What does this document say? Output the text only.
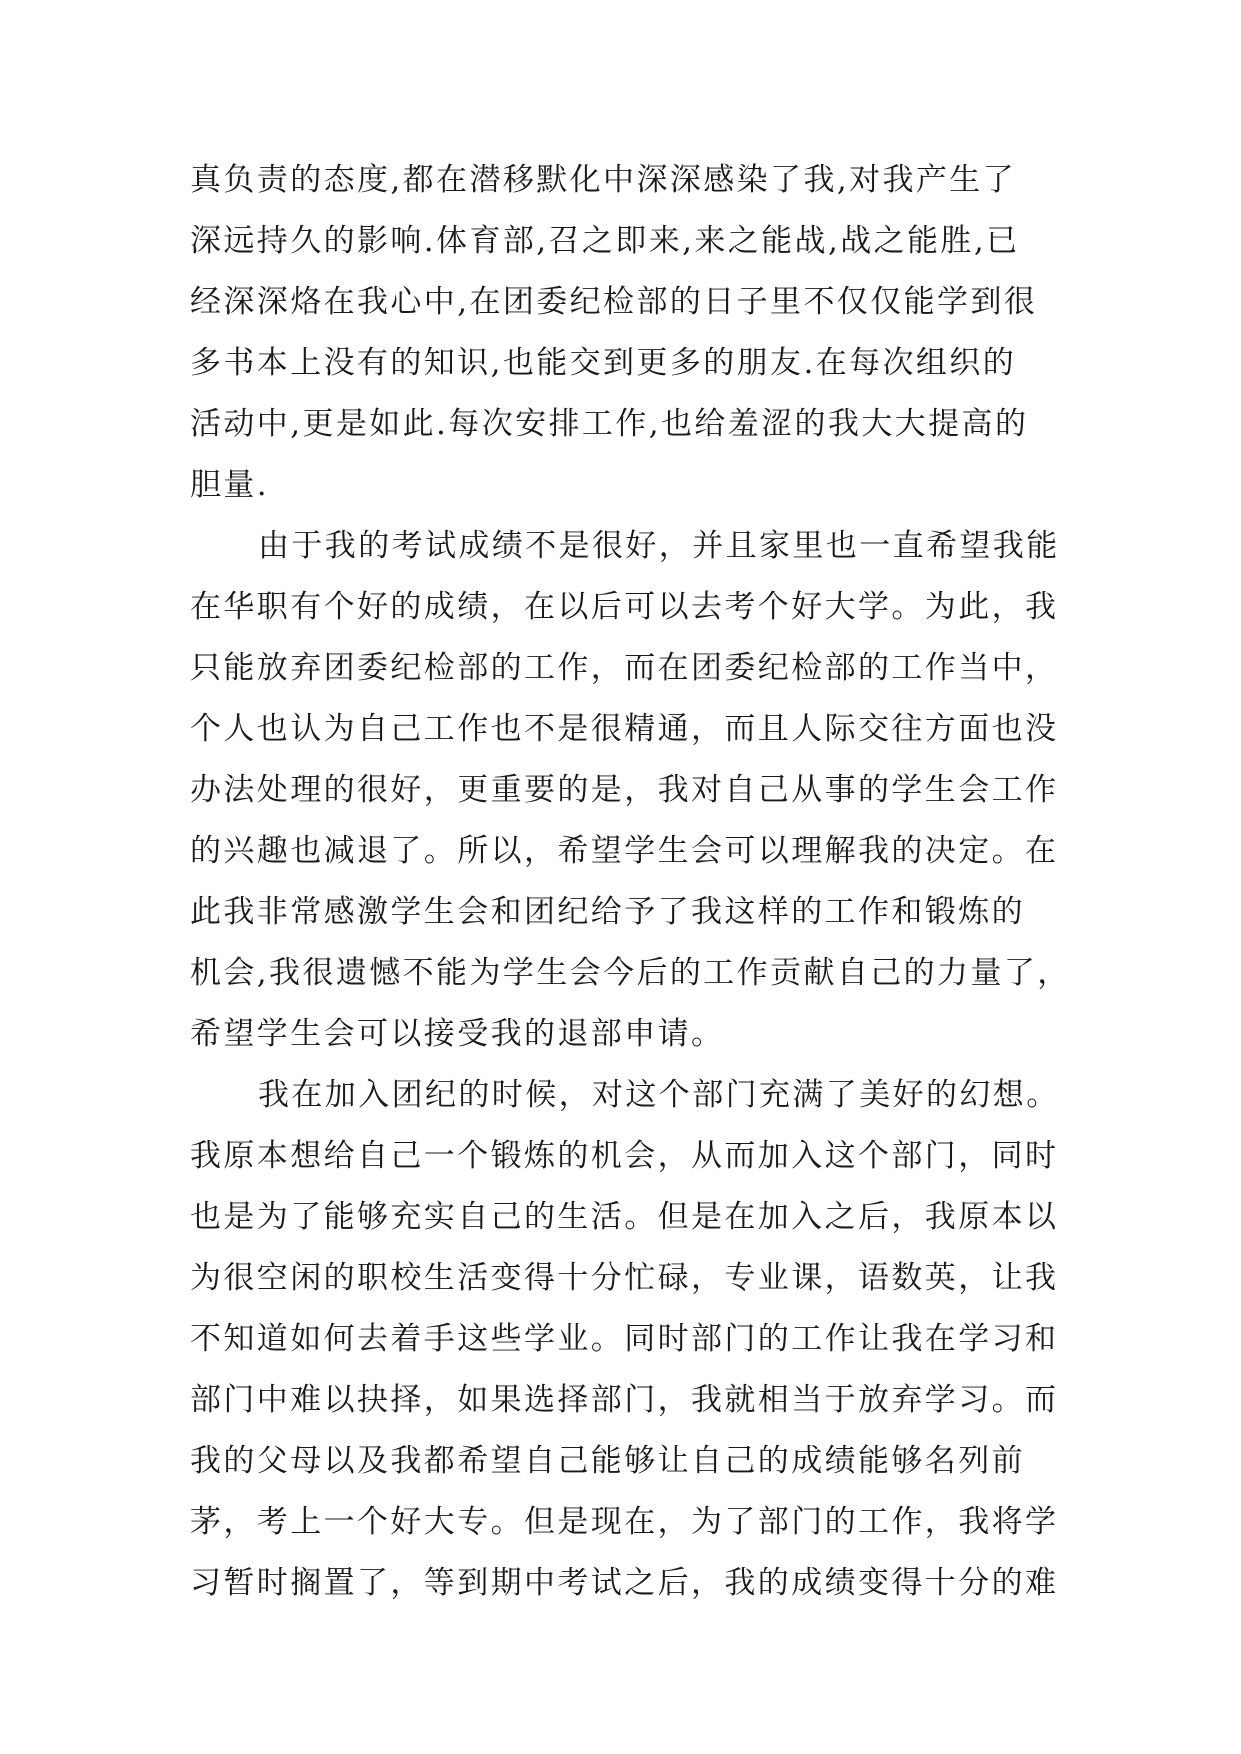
真负责的态度,都在潜移默化中深深感染了我,对我产生了
深远持久的影响.体育部,召之即来,来之能战,战之能胜,已
经深深烙在我心中,在团委纪检部的日子里不仅仅能学到很
多书本上没有的知识,也能交到更多的朋友.在每次组织的
活动中,更是如此.每次安排工作,也给羞涩的我大大提高的
胆量.
由于我的考试成绩不是很好，并且家里也一直希望我能
在华职有个好的成绩，在以后可以去考个好大学。为此，我
只能放弃团委纪检部的工作，而在团委纪检部的工作当中，
个人也认为自己工作也不是很精通，而且人际交往方面也没
办法处理的很好，更重要的是，我对自己从事的学生会工作
的兴趣也减退了。所以，希望学生会可以理解我的决定。在
此我非常感激学生会和团纪给予了我这样的工作和锻炼的
机会,我很遗憾不能为学生会今后的工作贡献自己的力量了，
希望学生会可以接受我的退部申请。
我在加入团纪的时候，对这个部门充满了美好的幻想。
我原本想给自己一个锻炼的机会，从而加入这个部门，同时
也是为了能够充实自己的生活。但是在加入之后，我原本以
为很空闲的职校生活变得十分忙碌，专业课，语数英，让我
不知道如何去着手这些学业。同时部门的工作让我在学习和
部门中难以抉择，如果选择部门，我就相当于放弃学习。而
我的父母以及我都希望自己能够让自己的成绩能够名列前
茅，考上一个好大专。但是现在，为了部门的工作，我将学
习暂时搁置了，等到期中考试之后，我的成绩变得十分的难
